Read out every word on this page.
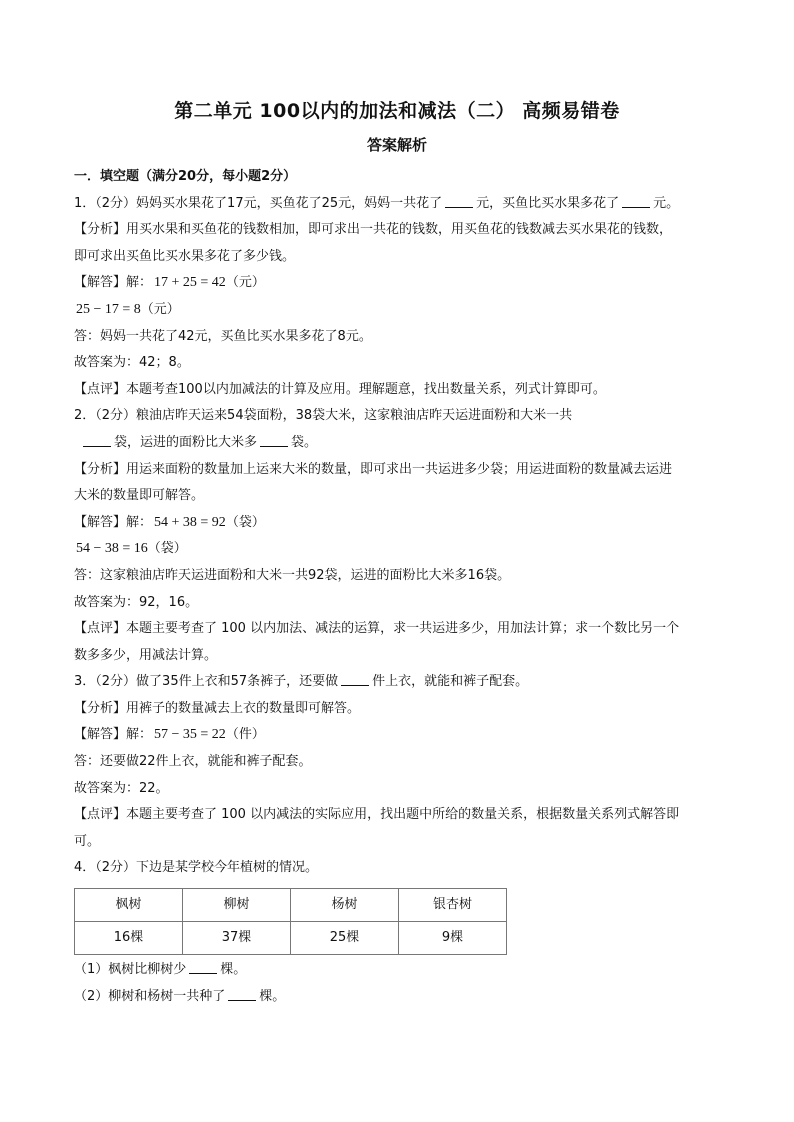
第二单元 100以内的加法和减法（二） 高频易错卷
答案解析
一．填空题（满分20分，每小题2分）
1．（2分）妈妈买水果花了17元，买鱼花了25元，妈妈一共花了	元，买鱼比买水果多花了	元。
【分析】用买水果和买鱼花的钱数相加，即可求出一共花的钱数，用买鱼花的钱数减去买水果花的钱数，
即可求出买鱼比买水果多花了多少钱。
【解答】解： 17 + 25 = 42（元）
25 − 17 = 8（元）
答：妈妈一共花了42元，买鱼比买水果多花了8元。
故答案为：42；8。
【点评】本题考查100以内加减法的计算及应用。理解题意，找出数量关系，列式计算即可。
2．（2分）粮油店昨天运来54袋面粉，38袋大米，这家粮油店昨天运进面粉和大米一共
袋，运进的面粉比大米多	袋。
【分析】用运来面粉的数量加上运来大米的数量，即可求出一共运进多少袋；用运进面粉的数量减去运进
大米的数量即可解答。
【解答】解： 54 + 38 = 92（袋）
54 − 38 = 16（袋）
答：这家粮油店昨天运进面粉和大米一共92袋，运进的面粉比大米多16袋。
故答案为：92，16。
【点评】本题主要考查了 100 以内加法、减法的运算，求一共运进多少，用加法计算；求一个数比另一个
数多多少，用减法计算。
3．（2分）做了35件上衣和57条裤子，还要做	件上衣，就能和裤子配套。
【分析】用裤子的数量减去上衣的数量即可解答。
【解答】解： 57 − 35 = 22（件）
答：还要做22件上衣，就能和裤子配套。
故答案为：22。
【点评】本题主要考查了 100 以内减法的实际应用，找出题中所给的数量关系，根据数量关系列式解答即
可。
4．（2分）下边是某学校今年植树的情况。
枫树	柳树	杨树	银杏树
16棵	37棵	25棵	9棵
（1）枫树比柳树少	棵。
（2）柳树和杨树一共种了	棵。
